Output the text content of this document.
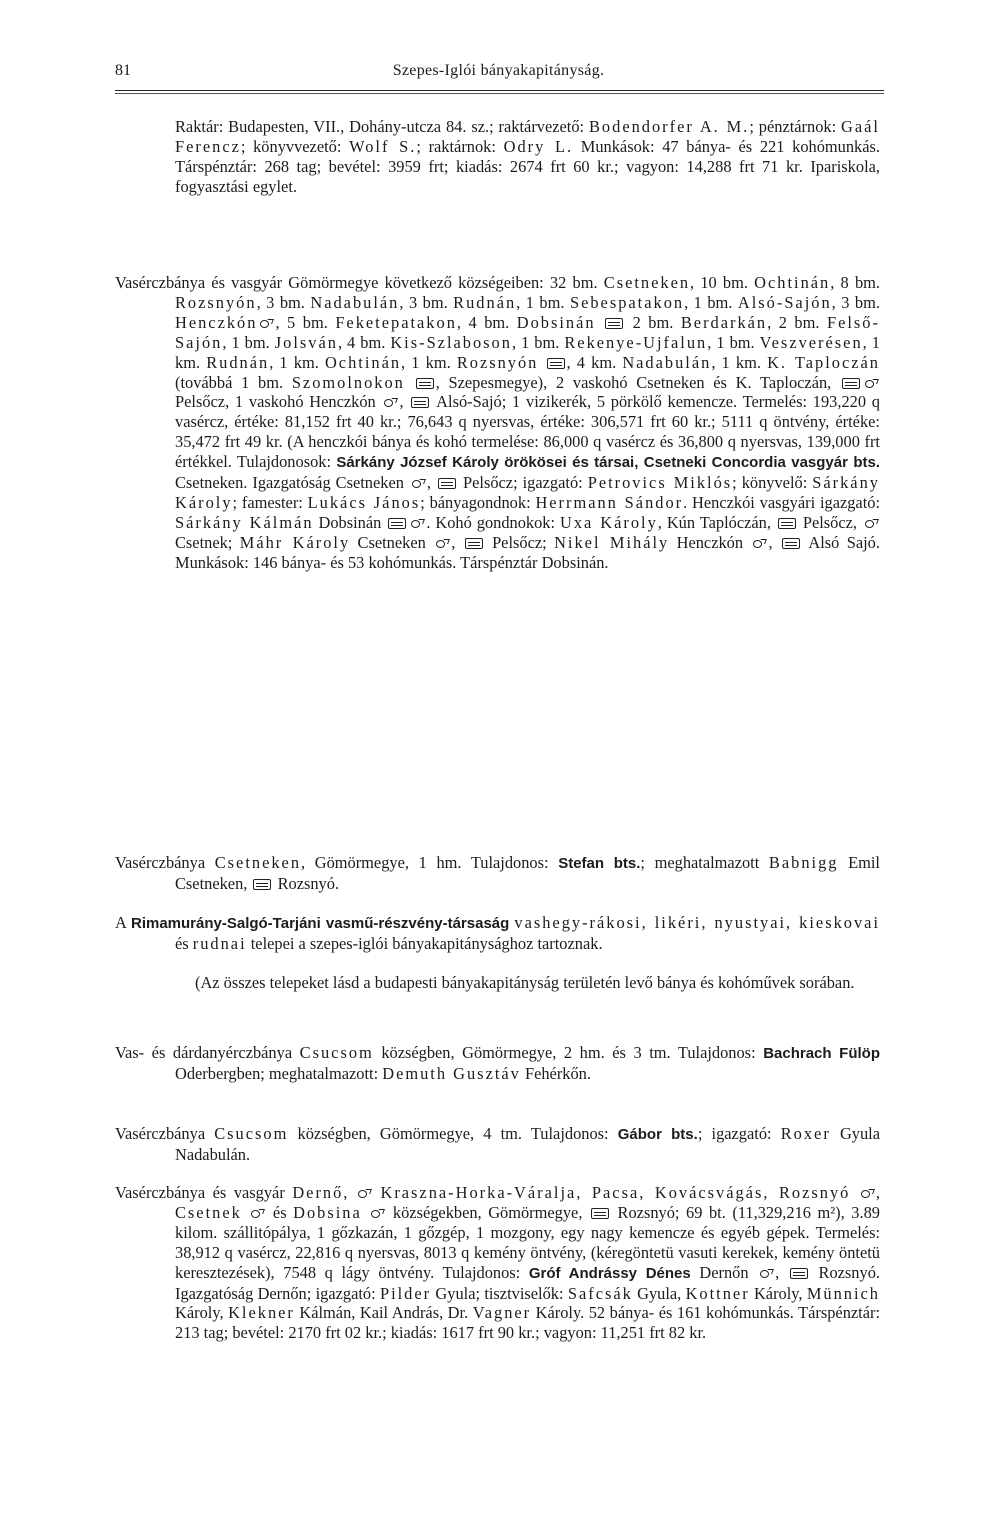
81	Szepes-Iglói bányakapitányság.
Raktár: Budapesten, VII., Dohány-utcza 84. sz.; raktárvezető: Bodendorfer A. M.; pénztárnok: Gaál Ferencz; könyvvezető: Wolf S.; raktárnok: Odry L. Munkások: 47 bánya- és 221 kohómunkás. Társpénztár: 268 tag; bevétel: 3959 frt; kiadás: 2674 frt 60 kr.; vagyon: 14,288 frt 71 kr. Ipariskola, fogyasztási egylet.
Vasérczbánya és vasgyár Gömörmegye következő községeiben: 32 bm. Csetneken, 10 bm. Ochtinán, 8 bm. Rozsnyón, 3 bm. Nadabulán, 3 bm. Rudnán, 1 bm. Sebespatakon, 1 bm. Alsó-Sajón, 3 bm. Henczkón , 5 bm. Feketepatakon, 4 bm. Dobsinán  2 bm. Berdarkán, 2 bm. Felső-Sajón, 1 bm. Jolsván, 4 bm. Kis-Szlaboson, 1 bm. Rekenye-Ujfalun, 1 bm. Veszverésen, 1 km. Rudnán, 1 km. Ochtinán, 1 km. Rozsnyón , 4 km. Nadabulán, 1 km. K. Taploczán (továbbá 1 bm. Szomolnokon , Szepesmegye), 2 vaskohó Csetneken és K. Taploczán,  Pelsőcz, 1 vaskohó Henczkón ,  Alsó-Sajó; 1 vizikerék, 5 pörkölő kemencze. Termelés: 193,220 q vasércz, értéke: 81,152 frt 40 kr.; 76,643 q nyersvas, értéke: 306,571 frt 60 kr.; 5111 q öntvény, értéke: 35,472 frt 49 kr. (A henczkói bánya és kohó termelése: 86,000 q vasércz és 36,800 q nyersvas, 139,000 frt értékkel. Tulajdonosok: Sárkány József Károly örökösei és társai, Csetneki Concordia vasgyár bts. Csetneken. Igazgatóság Csetneken ,  Pelsőcz; igazgató: Petrovics Miklós; könyvelő: Sárkány Károly; famester: Lukács János; bányagondnok: Herrmann Sándor. Henczkói vasgyári igazgató: Sárkány Kálmán Dobsinán . Kohó gondnokok: Uxa Károly, Kún Taplóczán,  Pelsőcz,  Csetnek; Máhr Károly Csetneken ,  Pelsőcz; Nikel Mihály Henczkón ,  Alsó Sajó. Munkások: 146 bánya- és 53 kohómunkás. Társpénztár Dobsinán.
Vasérczbánya Csetneken, Gömörmegye, 1 hm. Tulajdonos: Stefan bts.; meghatalmazott Babnigg Emil Csetneken,  Rozsnyó.
A Rimamurány-Salgó-Tarjáni vasmű-részvény-társaság vashegy-rákosi, likéri, nyustyai, kieskovai és rudnai telepei a szepes-iglói bányakapitánysághoz tartoznak.
(Az összes telepeket lásd a budapesti bányakapitányság területén levő bánya és kohóművek sorában.
Vas- és dárdanyérczbánya Csucsom községben, Gömörmegye, 2 hm. és 3 tm. Tulajdonos: Bachrach Fülöp Oderbergben; meghatalmazott: Demuth Gusztáv Fehérkőn.
Vasérczbánya Csucsom községben, Gömörmegye, 4 tm. Tulajdonos: Gábor bts.; igazgató: Roxer Gyula Nadabulán.
Vasérczbánya és vasgyár Dernő,  Kraszna-Horka-Váralja, Pacsa, Kovácsvágás, Rozsnyó , Csetnek  és Dobsina  községekben, Gömörmegye,  Rozsnyó; 69 bt. (11,329,216 m²), 3.89 kilom. szállitópálya, 1 gőzkazán, 1 gőzgép, 1 mozgony, egy nagy kemencze és egyéb gépek. Termelés: 38,912 q vasércz, 22,816 q nyersvas, 8013 q kemény öntvény, (kéregöntetü vasuti kerekek, kemény öntetü keresztezések), 7548 q lágy öntvény. Tulajdonos: Gróf Andrássy Dénes Dernőn ,  Rozsnyó. Igazgatóság Dernőn; igazgató: Pilder Gyula; tisztviselők: Safcsák Gyula, Kottner Károly, Münnich Károly, Klekner Kálmán, Kail András, Dr. Vagner Károly. 52 bánya- és 161 kohómunkás. Társpénztár: 213 tag; bevétel: 2170 frt 02 kr.; kiadás: 1617 frt 90 kr.; vagyon: 11,251 frt 82 kr.
